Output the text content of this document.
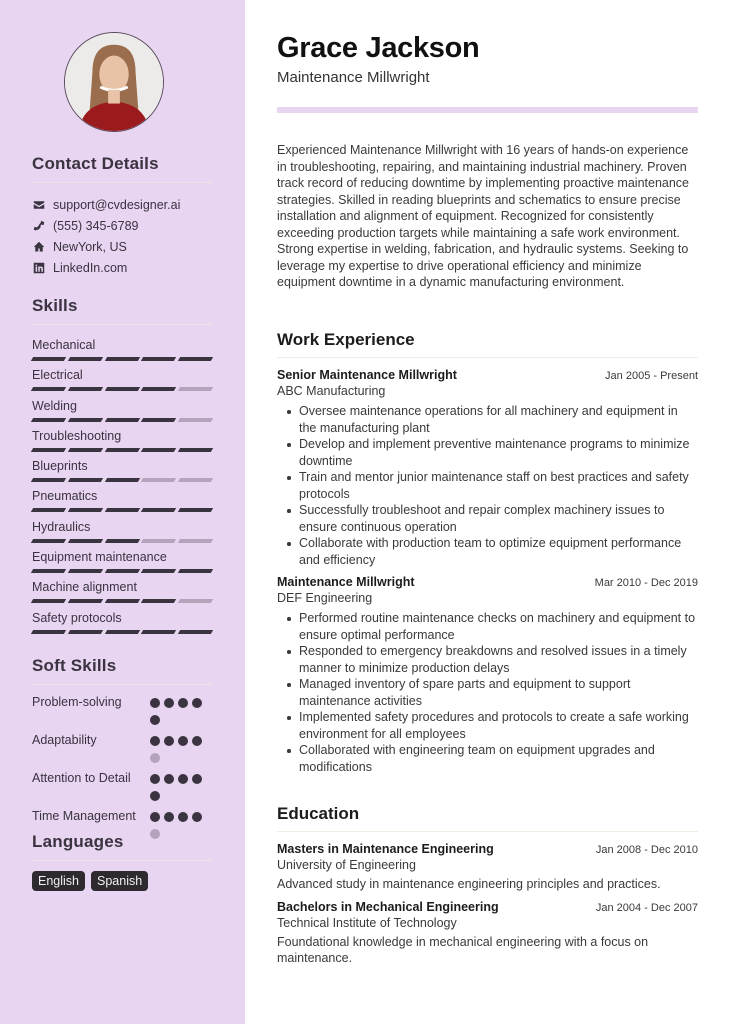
Contact Details
support@cvdesigner.ai
(555) 345-6789
NewYork, US
LinkedIn.com
Skills
Mechanical
Electrical
Welding
Troubleshooting
Blueprints
Pneumatics
Hydraulics
Equipment maintenance
Machine alignment
Safety protocols
Soft Skills
Problem-solving
Adaptability
Attention to Detail
Time Management
Languages
English	Spanish
Grace Jackson
Maintenance Millwright

Experienced Maintenance Millwright with 16 years of hands-on experience in troubleshooting, repairing, and maintaining industrial machinery. Proven track record of reducing downtime by implementing proactive maintenance strategies. Skilled in reading blueprints and schematics to ensure precise installation and alignment of equipment. Recognized for consistently exceeding production targets while maintaining a safe work environment. Strong expertise in welding, fabrication, and hydraulic systems. Seeking to leverage my expertise to drive operational efficiency and minimize equipment downtime in a dynamic manufacturing environment.

Work Experience
Senior Maintenance Millwright	Jan 2005 - Present
ABC Manufacturing
Oversee maintenance operations for all machinery and equipment in the manufacturing plant
Develop and implement preventive maintenance programs to minimize downtime
Train and mentor junior maintenance staff on best practices and safety protocols
Successfully troubleshoot and repair complex machinery issues to ensure continuous operation
Collaborate with production team to optimize equipment performance and efficiency
Maintenance Millwright	Mar 2010 - Dec 2019
DEF Engineering
Performed routine maintenance checks on machinery and equipment to ensure optimal performance
Responded to emergency breakdowns and resolved issues in a timely manner to minimize production delays
Managed inventory of spare parts and equipment to support maintenance activities
Implemented safety procedures and protocols to create a safe working environment for all employees
Collaborated with engineering team on equipment upgrades and modifications
Education
Masters in Maintenance Engineering	Jan 2008 - Dec 2010
University of Engineering
Advanced study in maintenance engineering principles and practices.
Bachelors in Mechanical Engineering	Jan 2004 - Dec 2007
Technical Institute of Technology
Foundational knowledge in mechanical engineering with a focus on maintenance.
